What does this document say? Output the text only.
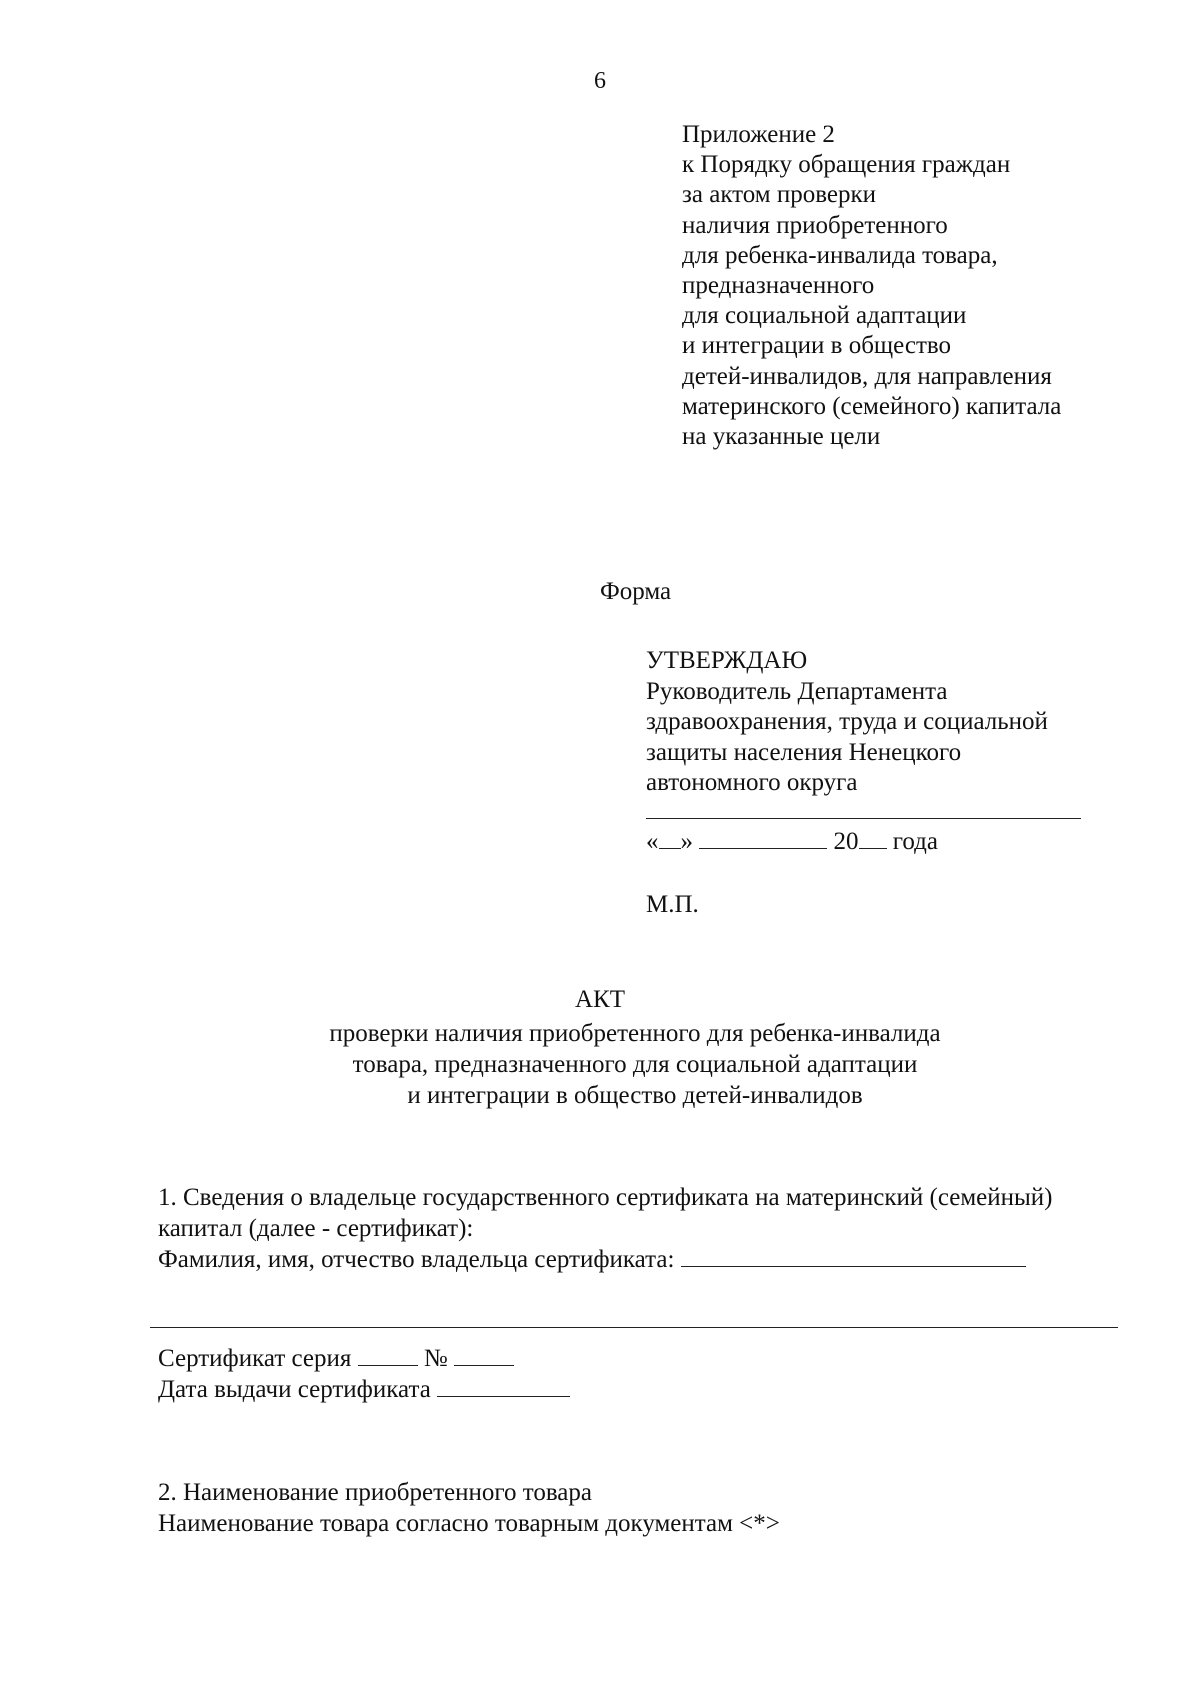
6
Приложение 2
к Порядку обращения граждан
за актом проверки
наличия приобретенного
для ребенка-инвалида товара,
предназначенного
для социальной адаптации
и интеграции в общество
детей-инвалидов, для направления
материнского (семейного) капитала
на указанные цели
Форма
УТВЕРЖДАЮ
Руководитель Департамента
здравоохранения, труда и социальной
защиты населения Ненецкого
автономного округа
« »	20 года
М.П.
АКТ
проверки наличия приобретенного для ребенка-инвалида
товара, предназначенного для социальной адаптации
и интеграции в общество детей-инвалидов
1. Сведения о владельце государственного сертификата на материнский (семейный)
капитал (далее - сертификат):
Фамилия, имя, отчество владельца сертификата:
Сертификат серия	№
Дата выдачи сертификата
2. Наименование приобретенного товара
Наименование товара согласно товарным документам <*>
